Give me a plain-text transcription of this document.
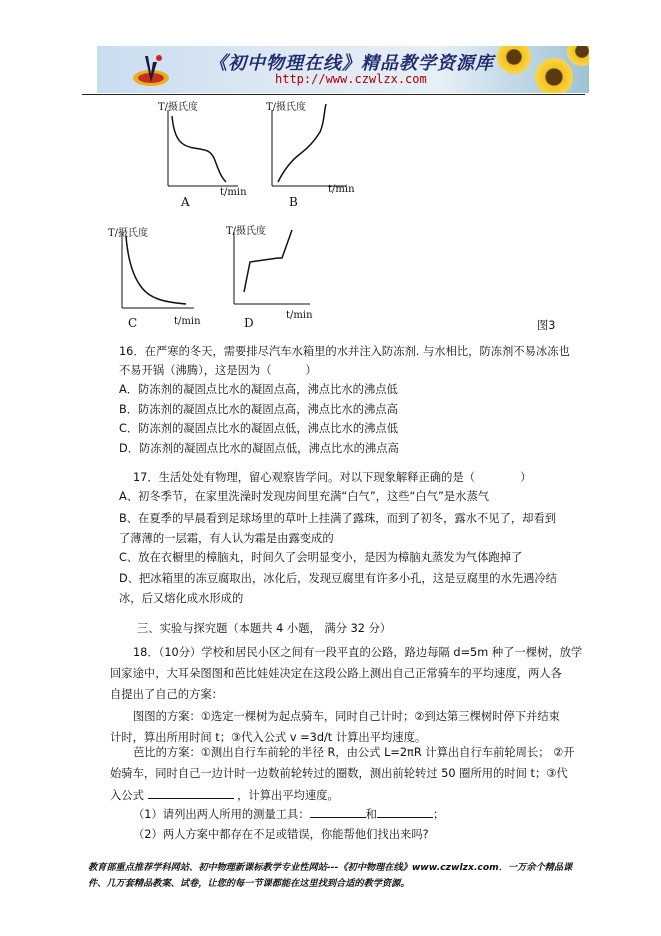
《初中物理在线》精品教学资源库
http://www.czwlzx.com
T/摄氏度
t/min
A
T/摄氏度
t/min
B
T/摄氏度
t/min
C
T/摄氏度
t/min
D	图3
16．在严寒的冬天，需要排尽汽车水箱里的水并注入防冻剂. 与水相比，防冻剂不易冰冻也
不易开锅（沸腾），这是因为（　　　）
A．防冻剂的凝固点比水的凝固点高，沸点比水的沸点低
B．防冻剂的凝固点比水的凝固点高，沸点比水的沸点高
C．防冻剂的凝固点比水的凝固点低，沸点比水的沸点低
D．防冻剂的凝固点比水的凝固点低，沸点比水的沸点高
17．生活处处有物理，留心观察皆学问。对以下现象解释正确的是（　　　　）
A、初冬季节，在家里洗澡时发现房间里充满“白气”，这些“白气”是水蒸气
B、在夏季的早晨看到足球场里的草叶上挂满了露珠，而到了初冬，露水不见了，却看到
了薄薄的一层霜，有人认为霜是由露变成的
C、放在衣橱里的樟脑丸，时间久了会明显变小，是因为樟脑丸蒸发为气体跑掉了
D、把冰箱里的冻豆腐取出，冰化后，发现豆腐里有许多小孔，这是豆腐里的水先遇冷结
冰，后又熔化成水形成的
三、实验与探究题（本题共 4 小题， 满分 32 分）
18．（10分）学校和居民小区之间有一段平直的公路，路边每隔 d=5m 种了一棵树，放学
回家途中，大耳朵图图和芭比娃娃决定在这段公路上测出自己正常骑车的平均速度，两人各
自提出了自己的方案：
图图的方案：①选定一棵树为起点骑车，同时自己计时；②到达第三棵树时停下并结束
计时，算出所用时间 t；③代入公式 v =3d/t 计算出平均速度。
芭比的方案：①测出自行车前轮的半径 R，由公式 L=2πR 计算出自行车前轮周长； ②开
始骑车，同时自己一边计时一边数前轮转过的圈数，测出前轮转过 50 圈所用的时间 t；③代
入公式	，计算出平均速度。
（1）请列出两人所用的测量工具：	和	；
（2）两人方案中都存在不足或错误，你能帮他们找出来吗?
教育部重点推荐学科网站、初中物理新课标教学专业性网站---《初中物理在线》www.czwlzx.com．一万余个精品课
件、几万套精品教案、试卷，让您的每一节课都能在这里找到合适的教学资源。
